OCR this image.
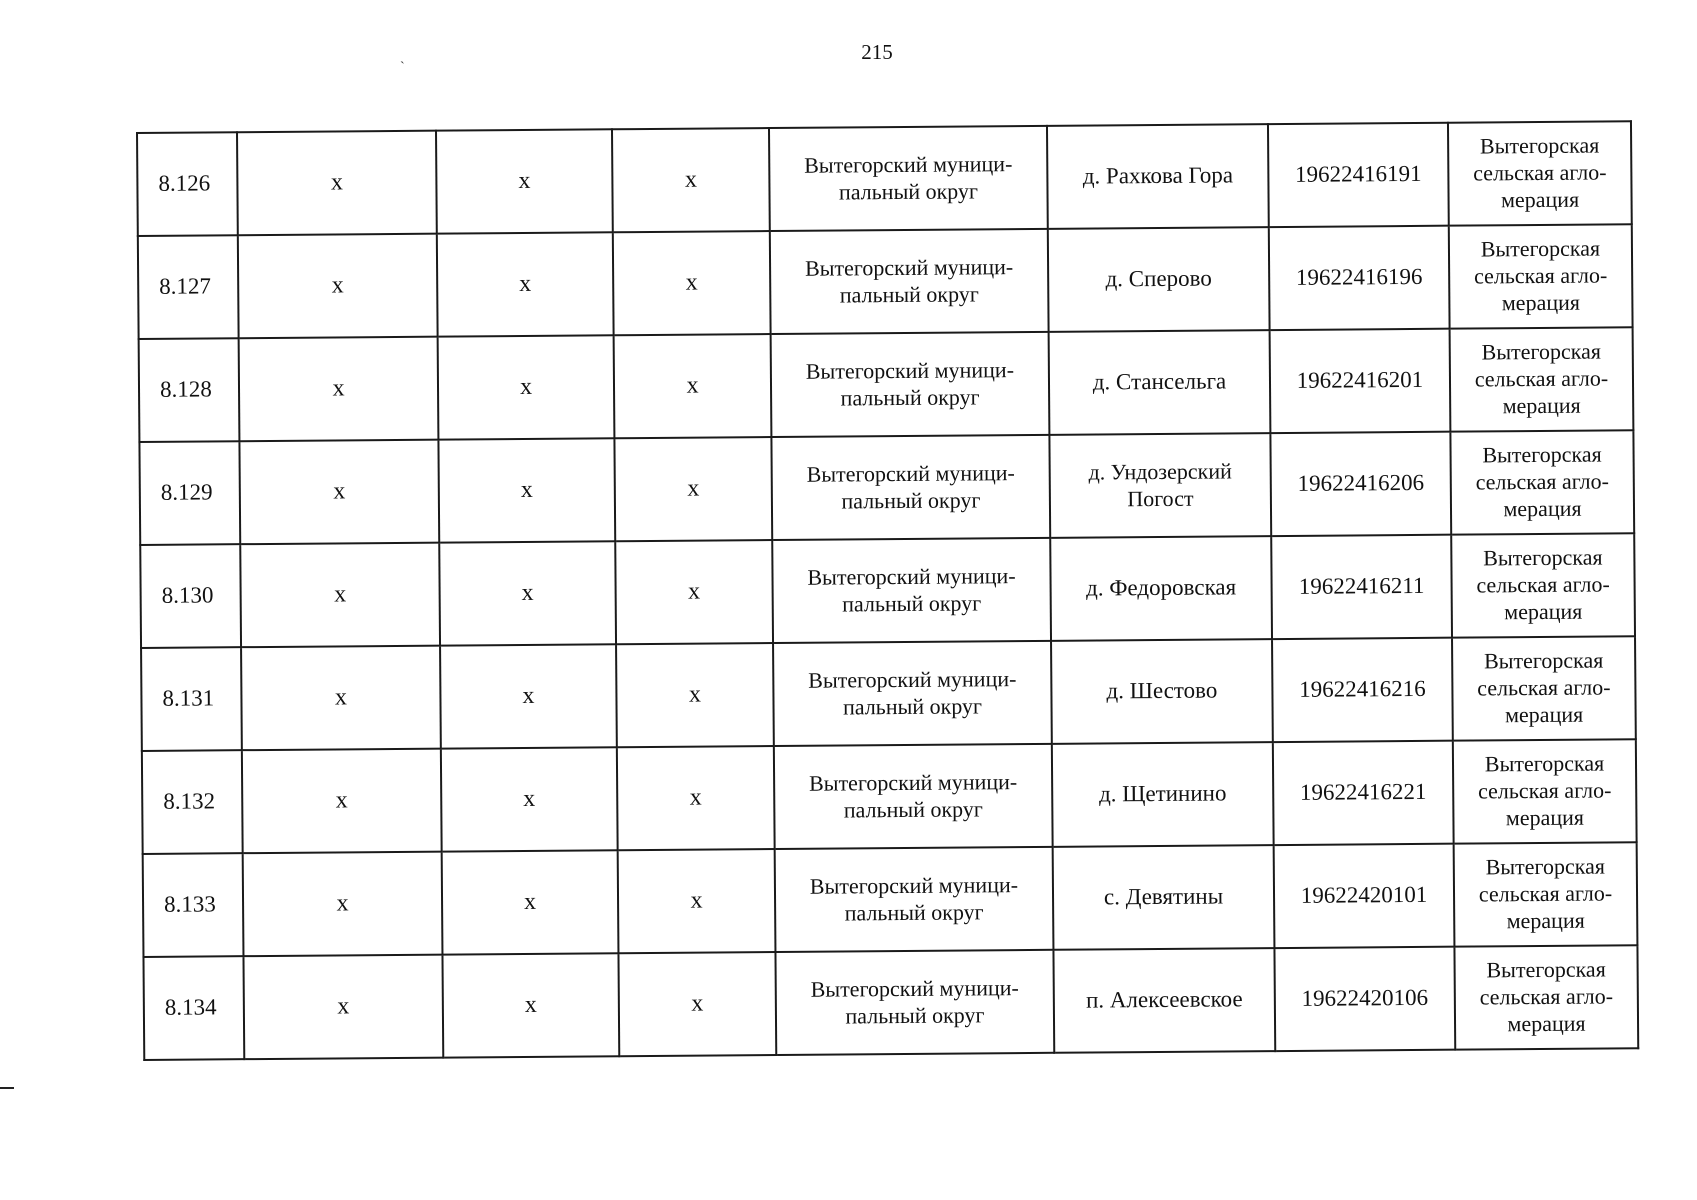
215
`
8.126	x	x	x	Вытегорский муници-пальный округ	д. Рахкова Гора	19622416191	Вытегорская сельская агло-мерация
8.127	x	x	x	Вытегорский муници-пальный округ	д. Сперово	19622416196	Вытегорская сельская агло-мерация
8.128	x	x	x	Вытегорский муници-пальный округ	д. Стансельга	19622416201	Вытегорская сельская агло-мерация
8.129	x	x	x	Вытегорский муници-пальный округ	д. Ундозерский Погост	19622416206	Вытегорская сельская агло-мерация
8.130	x	x	x	Вытегорский муници-пальный округ	д. Федоровская	19622416211	Вытегорская сельская агло-мерация
8.131	x	x	x	Вытегорский муници-пальный округ	д. Шестово	19622416216	Вытегорская сельская агло-мерация
8.132	x	x	x	Вытегорский муници-пальный округ	д. Щетинино	19622416221	Вытегорская сельская агло-мерация
8.133	x	x	x	Вытегорский муници-пальный округ	с. Девятины	19622420101	Вытегорская сельская агло-мерация
8.134	x	x	x	Вытегорский муници-пальный округ	п. Алексеевское	19622420106	Вытегорская сельская агло-мерация
